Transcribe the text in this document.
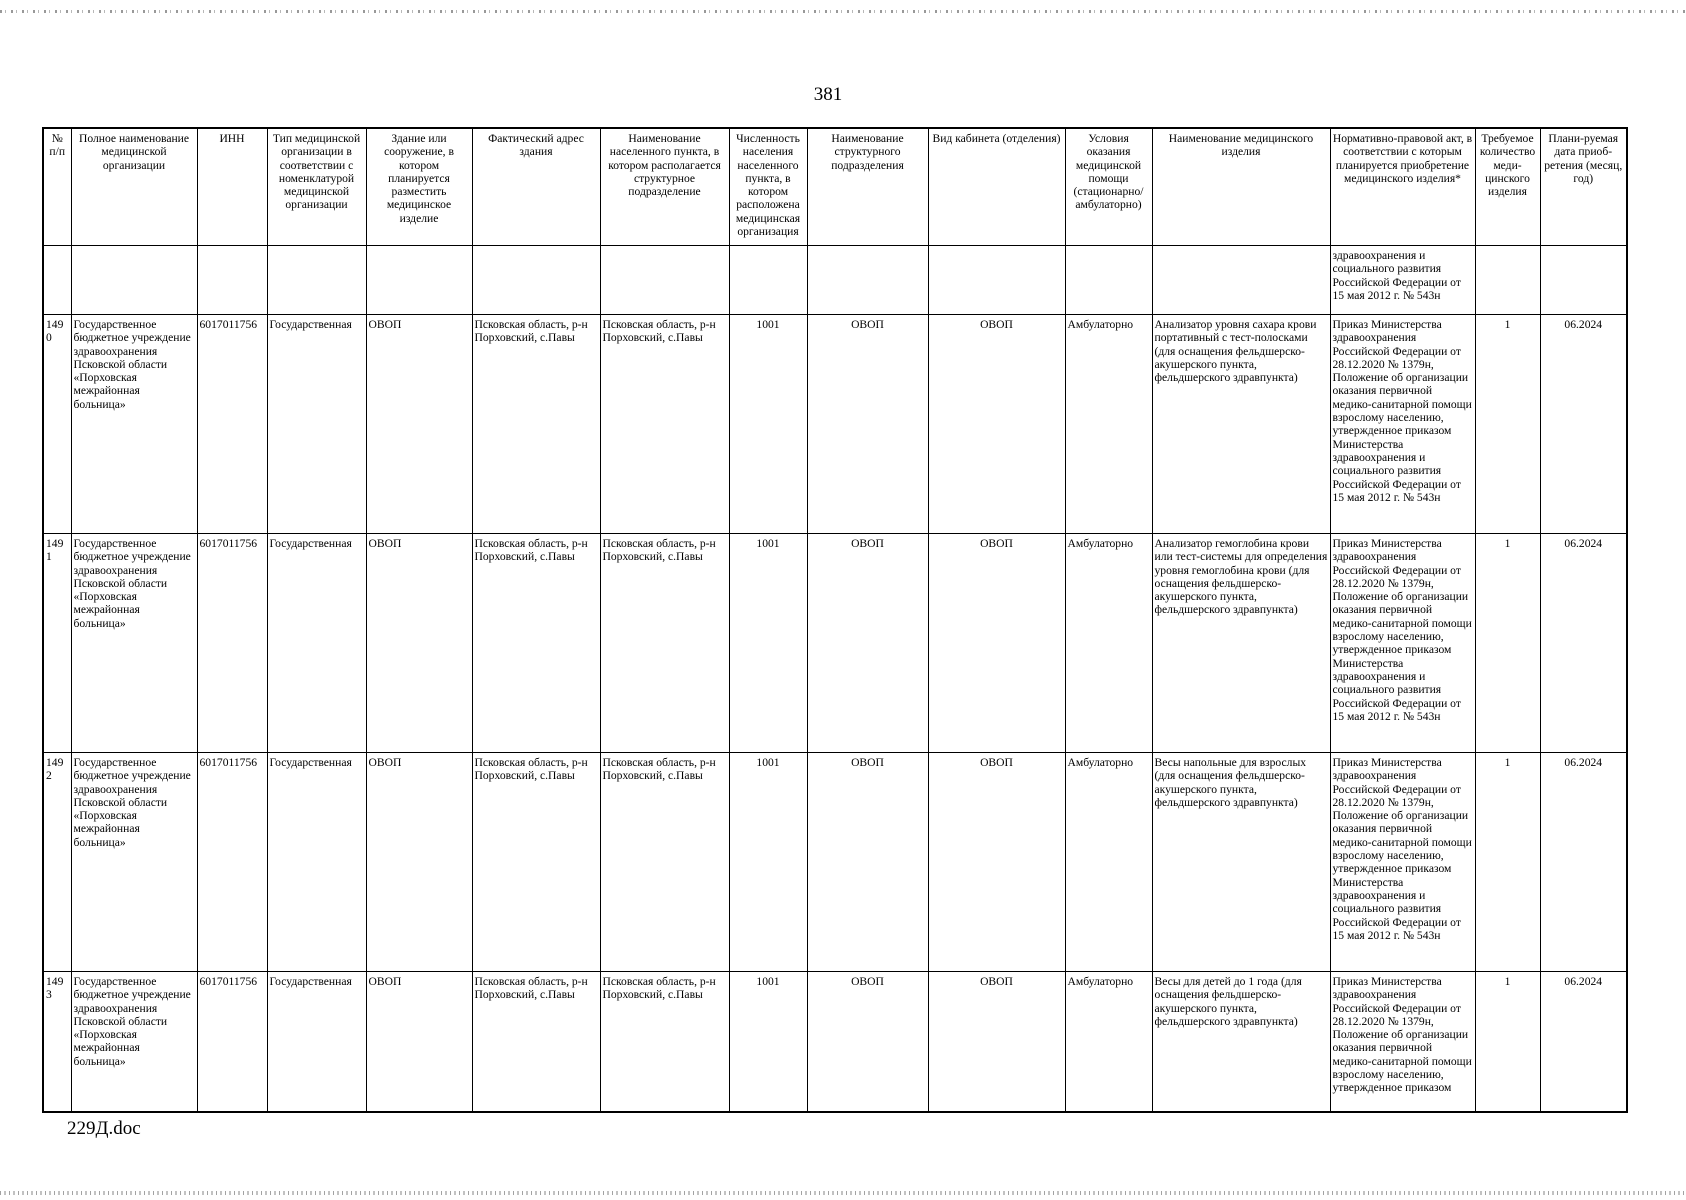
381
№ п/п	Полное наименование медицинской организации	ИНН	Тип медицинской организации в соответствии с номенклатурой медицинской организации	Здание или сооружение, в котором планируется разместить медицинское изделие	Фактический адрес здания	Наименование населенного пункта, в котором располагается структурное подразделение	Численность населения населенного пункта, в котором расположена медицинская организация	Наименование структурного подразделения	Вид кабинета (отделения)	Условия оказания медицинской помощи (стационарно/амбулаторно)	Наименование медицинского изделия	Нормативно-правовой акт, в соответствии с которым планируется приобретение медицинского изделия*	Требуемое количество меди-цинского изделия	Плани-руемая дата приоб-ретения (месяц, год)
												здравоохранения и социального развития Российской Федерации от 15 мая 2012 г. № 543н		
1490	Государственное бюджетное учреждение здравоохранения Псковской области «Порховская межрайонная больница»	6017011756	Государственная	ОВОП	Псковская область, р-н Порховский, с.Павы	Псковская область, р-н Порховский, с.Павы	1001	ОВОП	ОВОП	Амбулаторно	Анализатор уровня сахара крови портативный с тест-полосками (для оснащения фельдшерско-акушерского пункта, фельдшерского здравпункта)	Приказ Министерства здравоохранения Российской Федерации от 28.12.2020 № 1379н, Положение об организации оказания первичной медико-санитарной помощи взрослому населению, утвержденное приказом Министерства здравоохранения и социального развития Российской Федерации от 15 мая 2012 г. № 543н	1	06.2024
1491	Государственное бюджетное учреждение здравоохранения Псковской области «Порховская межрайонная больница»	6017011756	Государственная	ОВОП	Псковская область, р-н Порховский, с.Павы	Псковская область, р-н Порховский, с.Павы	1001	ОВОП	ОВОП	Амбулаторно	Анализатор гемоглобина крови или тест-системы для определения уровня гемоглобина крови (для оснащения фельдшерско-акушерского пункта, фельдшерского здравпункта)	Приказ Министерства здравоохранения Российской Федерации от 28.12.2020 № 1379н, Положение об организации оказания первичной медико-санитарной помощи взрослому населению, утвержденное приказом Министерства здравоохранения и социального развития Российской Федерации от 15 мая 2012 г. № 543н	1	06.2024
1492	Государственное бюджетное учреждение здравоохранения Псковской области «Порховская межрайонная больница»	6017011756	Государственная	ОВОП	Псковская область, р-н Порховский, с.Павы	Псковская область, р-н Порховский, с.Павы	1001	ОВОП	ОВОП	Амбулаторно	Весы напольные для взрослых (для оснащения фельдшерско-акушерского пункта, фельдшерского здравпункта)	Приказ Министерства здравоохранения Российской Федерации от 28.12.2020 № 1379н, Положение об организации оказания первичной медико-санитарной помощи взрослому населению, утвержденное приказом Министерства здравоохранения и социального развития Российской Федерации от 15 мая 2012 г. № 543н	1	06.2024
1493	Государственное бюджетное учреждение здравоохранения Псковской области «Порховская межрайонная больница»	6017011756	Государственная	ОВОП	Псковская область, р-н Порховский, с.Павы	Псковская область, р-н Порховский, с.Павы	1001	ОВОП	ОВОП	Амбулаторно	Весы для детей до 1 года (для оснащения фельдшерско-акушерского пункта, фельдшерского здравпункта)	Приказ Министерства здравоохранения Российской Федерации от 28.12.2020 № 1379н, Положение об организации оказания первичной медико-санитарной помощи взрослому населению, утвержденное приказом	1	06.2024
229Д.doc
